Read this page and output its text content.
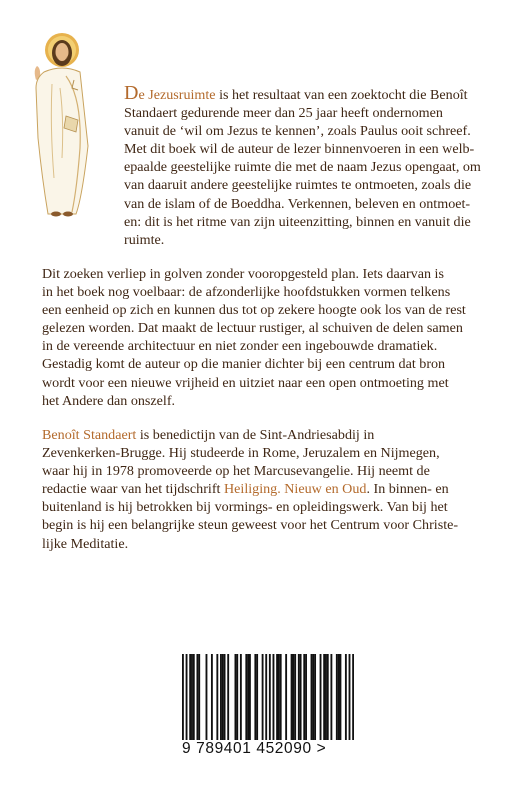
De Jezusruimte is het resultaat van een zoektocht die Benoît
Standaert gedurende meer dan 25 jaar heeft ondernomen
vanuit de ‘wil om Jezus te kennen’, zoals Paulus ooit schreef.
Met dit boek wil de auteur de lezer binnenvoeren in een welb-
epaalde geestelijke ruimte die met de naam Jezus opengaat, om
van daaruit andere geestelijke ruimtes te ontmoeten, zoals die
van de islam of de Boeddha. Verkennen, beleven en ontmoet-
en: dit is het ritme van zijn uiteenzitting, binnen en vanuit die
ruimte.
Dit zoeken verliep in golven zonder vooropgesteld plan. Iets daarvan is
in het boek nog voelbaar: de afzonderlijke hoofdstukken vormen telkens
een eenheid op zich en kunnen dus tot op zekere hoogte ook los van de rest
gelezen worden. Dat maakt de lectuur rustiger, al schuiven de delen samen
in de vereende architectuur en niet zonder een ingebouwde dramatiek.
Gestadig komt de auteur op die manier dichter bij een centrum dat bron
wordt voor een nieuwe vrijheid en uitziet naar een open ontmoeting met
het Andere dan onszelf.
Benoît Standaert is benedictijn van de Sint-Andriesabdij in
Zevenkerken-Brugge. Hij studeerde in Rome, Jeruzalem en Nijmegen,
waar hij in 1978 promoveerde op het Marcusevangelie. Hij neemt de
redactie waar van het tijdschrift Heiliging. Nieuw en Oud. In binnen- en
buitenland is hij betrokken bij vormings- en opleidingswerk. Van bij het
begin is hij een belangrijke steun geweest voor het Centrum voor Christe-
lijke Meditatie.
9 789401 452090 >
